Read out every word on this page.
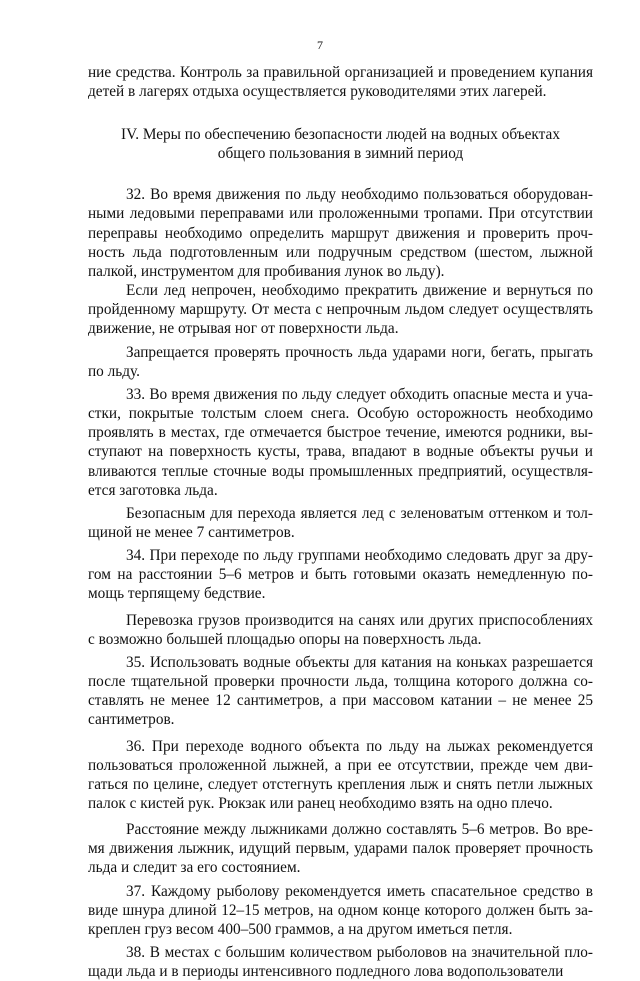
7

ние средства. Контроль за правильной организацией и проведением купания детей в лагерях отдыха осуществляется руководителями этих лагерей.

IV. Меры по обеспечению безопасности людей на водных объектах
общего пользования в зимний период

32. Во время движения по льду необходимо пользоваться оборудованными ледовыми переправами или проложенными тропами. При отсутствии переправы необходимо определить маршрут движения и проверить прочность льда подготовленным или подручным средством (шестом, лыжной палкой, инструментом для пробивания лунок во льду).

Если лед непрочен, необходимо прекратить движение и вернуться по пройденному маршруту. От места с непрочным льдом следует осуществлять движение, не отрывая ног от поверхности льда.

Запрещается проверять прочность льда ударами ноги, бегать, прыгать по льду.

33. Во время движения по льду следует обходить опасные места и участки, покрытые толстым слоем снега. Особую осторожность необходимо проявлять в местах, где отмечается быстрое течение, имеются родники, выступают на поверхность кусты, трава, впадают в водные объекты ручьи и вливаются теплые сточные воды промышленных предприятий, осуществляется заготовка льда.

Безопасным для перехода является лед с зеленоватым оттенком и толщиной не менее 7 сантиметров.

34. При переходе по льду группами необходимо следовать друг за другом на расстоянии 5–6 метров и быть готовыми оказать немедленную помощь терпящему бедствие.

Перевозка грузов производится на санях или других приспособлениях с возможно большей площадью опоры на поверхность льда.

35. Использовать водные объекты для катания на коньках разрешается после тщательной проверки прочности льда, толщина которого должна составлять не менее 12 сантиметров, а при массовом катании – не менее 25 сантиметров.

36. При переходе водного объекта по льду на лыжах рекомендуется пользоваться проложенной лыжней, а при ее отсутствии, прежде чем двигаться по целине, следует отстегнуть крепления лыж и снять петли лыжных палок с кистей рук. Рюкзак или ранец необходимо взять на одно плечо.

Расстояние между лыжниками должно составлять 5–6 метров. Во время движения лыжник, идущий первым, ударами палок проверяет прочность льда и следит за его состоянием.

37. Каждому рыболову рекомендуется иметь спасательное средство в виде шнура длиной 12–15 метров, на одном конце которого должен быть закреплен груз весом 400–500 граммов, а на другом иметься петля.

38. В местах с большим количеством рыболовов на значительной площади льда и в периоды интенсивного подледного лова водопользователи
